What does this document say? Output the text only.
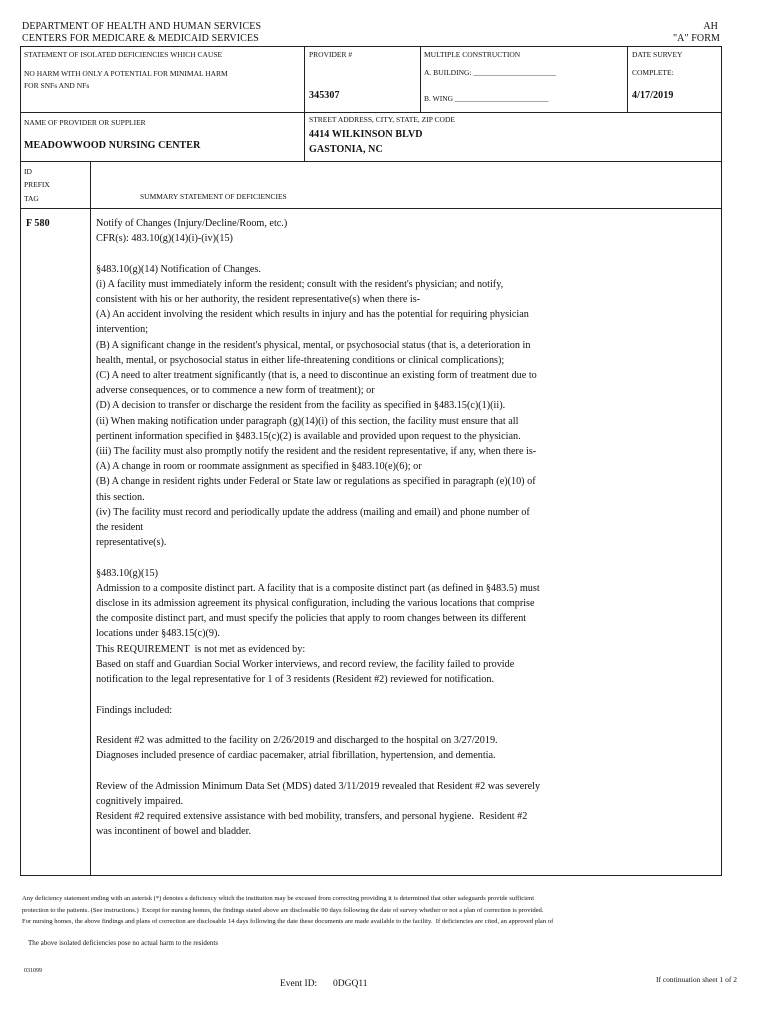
DEPARTMENT OF HEALTH AND HUMAN SERVICES
CENTERS FOR MEDICARE & MEDICAID SERVICES
AH
"A" FORM
STATEMENT OF ISOLATED DEFICIENCIES WHICH CAUSE
NO HARM WITH ONLY A POTENTIAL FOR MINIMAL HARM
FOR SNFs AND NFs
PROVIDER #
345307
MULTIPLE CONSTRUCTION
A. BUILDING: ______________________
B. WING _________________________
DATE SURVEY
COMPLETE:
4/17/2019
NAME OF PROVIDER OR SUPPLIER
MEADOWWOOD NURSING CENTER
STREET ADDRESS, CITY, STATE, ZIP CODE
4414 WILKINSON BLVD
GASTONIA, NC
ID
PREFIX
TAG	SUMMARY STATEMENT OF DEFICIENCIES
F 580	Notify of Changes (Injury/Decline/Room, etc.)
CFR(s): 483.10(g)(14)(i)-(iv)(15)

§483.10(g)(14) Notification of Changes.
(i) A facility must immediately inform the resident; consult with the resident's physician; and notify,
consistent with his or her authority, the resident representative(s) when there is-
(A) An accident involving the resident which results in injury and has the potential for requiring physician
intervention;
(B) A significant change in the resident's physical, mental, or psychosocial status (that is, a deterioration in
health, mental, or psychosocial status in either life-threatening conditions or clinical complications);
(C) A need to alter treatment significantly (that is, a need to discontinue an existing form of treatment due to
adverse consequences, or to commence a new form of treatment); or
(D) A decision to transfer or discharge the resident from the facility as specified in §483.15(c)(1)(ii).
(ii) When making notification under paragraph (g)(14)(i) of this section, the facility must ensure that all
pertinent information specified in §483.15(c)(2) is available and provided upon request to the physician.
(iii) The facility must also promptly notify the resident and the resident representative, if any, when there is-
(A) A change in room or roommate assignment as specified in §483.10(e)(6); or
(B) A change in resident rights under Federal or State law or regulations as specified in paragraph (e)(10) of
this section.
(iv) The facility must record and periodically update the address (mailing and email) and phone number of
the resident
representative(s).

§483.10(g)(15)
Admission to a composite distinct part. A facility that is a composite distinct part (as defined in §483.5) must
disclose in its admission agreement its physical configuration, including the various locations that comprise
the composite distinct part, and must specify the policies that apply to room changes between its different
locations under §483.15(c)(9).
This REQUIREMENT  is not met as evidenced by:
Based on staff and Guardian Social Worker interviews, and record review, the facility failed to provide
notification to the legal representative for 1 of 3 residents (Resident #2) reviewed for notification.

Findings included:

Resident #2 was admitted to the facility on 2/26/2019 and discharged to the hospital on 3/27/2019.
Diagnoses included presence of cardiac pacemaker, atrial fibrillation, hypertension, and dementia.

Review of the Admission Minimum Data Set (MDS) dated 3/11/2019 revealed that Resident #2 was severely
cognitively impaired.
Resident #2 required extensive assistance with bed mobility, transfers, and personal hygiene.  Resident #2
was incontinent of bowel and bladder.
Any deficiency statement ending with an asterisk (*) denotes a deficiency which the institution may be excused from correcting providing it is determined that other safeguards provide sufficient
protection to the patients. (See instructions.)  Except for nursing homes, the findings stated above are disclosable 90 days following the date of survey whether or not a plan of correction is provided.
For nursing homes, the above findings and plans of correction are disclosable 14 days following the date these documents are made available to the facility.  If deficiencies are cited, an approved plan of
The above isolated deficiencies pose no actual harm to the residents
031099
Event ID: 0DGQ11	If continuation sheet 1 of 2
